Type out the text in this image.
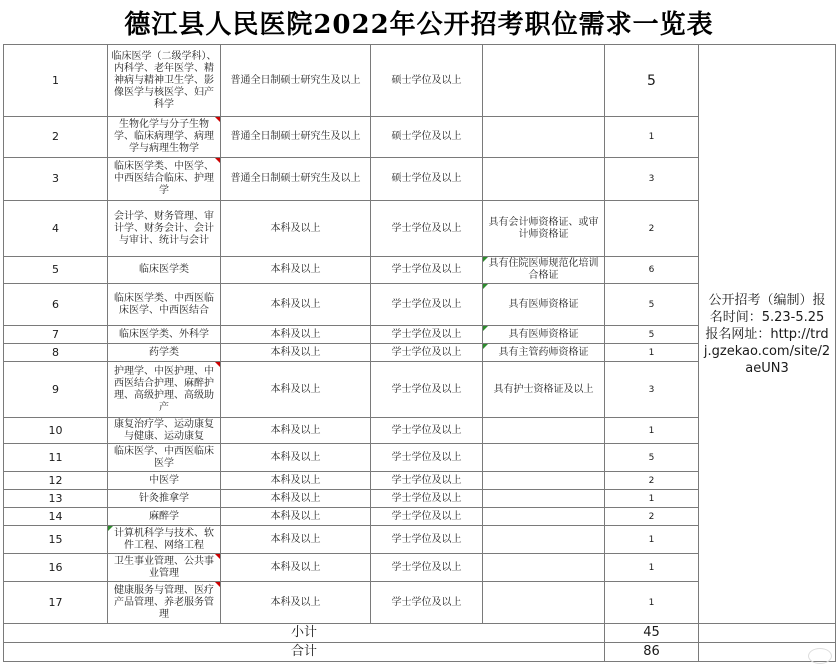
德江县人民医院2022年公开招考职位需求一览表
1	临床医学（二级学科）、内科学、老年医学、精神病与精神卫生学、影像医学与核医学、妇产科学	普通全日制硕士研究生及以上	硕士学位及以上		5	公开招考（编制）报名时间：5.23-5.25 报名网址：http://trdj.gzekao.com/site/2aeUN3
2	生物化学与分子生物学、临床病理学、病理学与病理生物学	普通全日制硕士研究生及以上	硕士学位及以上		1	
3	临床医学类、中医学、中西医结合临床、护理学	普通全日制硕士研究生及以上	硕士学位及以上		3	
4	会计学、财务管理、审计学、财务会计、会计与审计、统计与会计	本科及以上	学士学位及以上	具有会计师资格证、或审计师资格证	2	
5	临床医学类	本科及以上	学士学位及以上	具有住院医师规范化培训合格证	6	
6	临床医学类、中西医临床医学、中西医结合	本科及以上	学士学位及以上	具有医师资格证	5	
7	临床医学类、外科学	本科及以上	学士学位及以上	具有医师资格证	5	
8	药学类	本科及以上	学士学位及以上	具有主管药师资格证	1	
9	护理学、中医护理、中西医结合护理、麻醉护理、高级护理、高级助产	本科及以上	学士学位及以上	具有护士资格证及以上	3	
10	康复治疗学、运动康复与健康、运动康复	本科及以上	学士学位及以上		1	
11	临床医学、中西医临床医学	本科及以上	学士学位及以上		5	
12	中医学	本科及以上	学士学位及以上		2	
13	针灸推拿学	本科及以上	学士学位及以上		1	
14	麻醉学	本科及以上	学士学位及以上		2	
15	计算机科学与技术、软件工程、网络工程	本科及以上	学士学位及以上		1	
16	卫生事业管理、公共事业管理	本科及以上	学士学位及以上		1	
17	健康服务与管理、医疗产品管理、养老服务管理	本科及以上	学士学位及以上		1	
小计					45	
合计					86	
